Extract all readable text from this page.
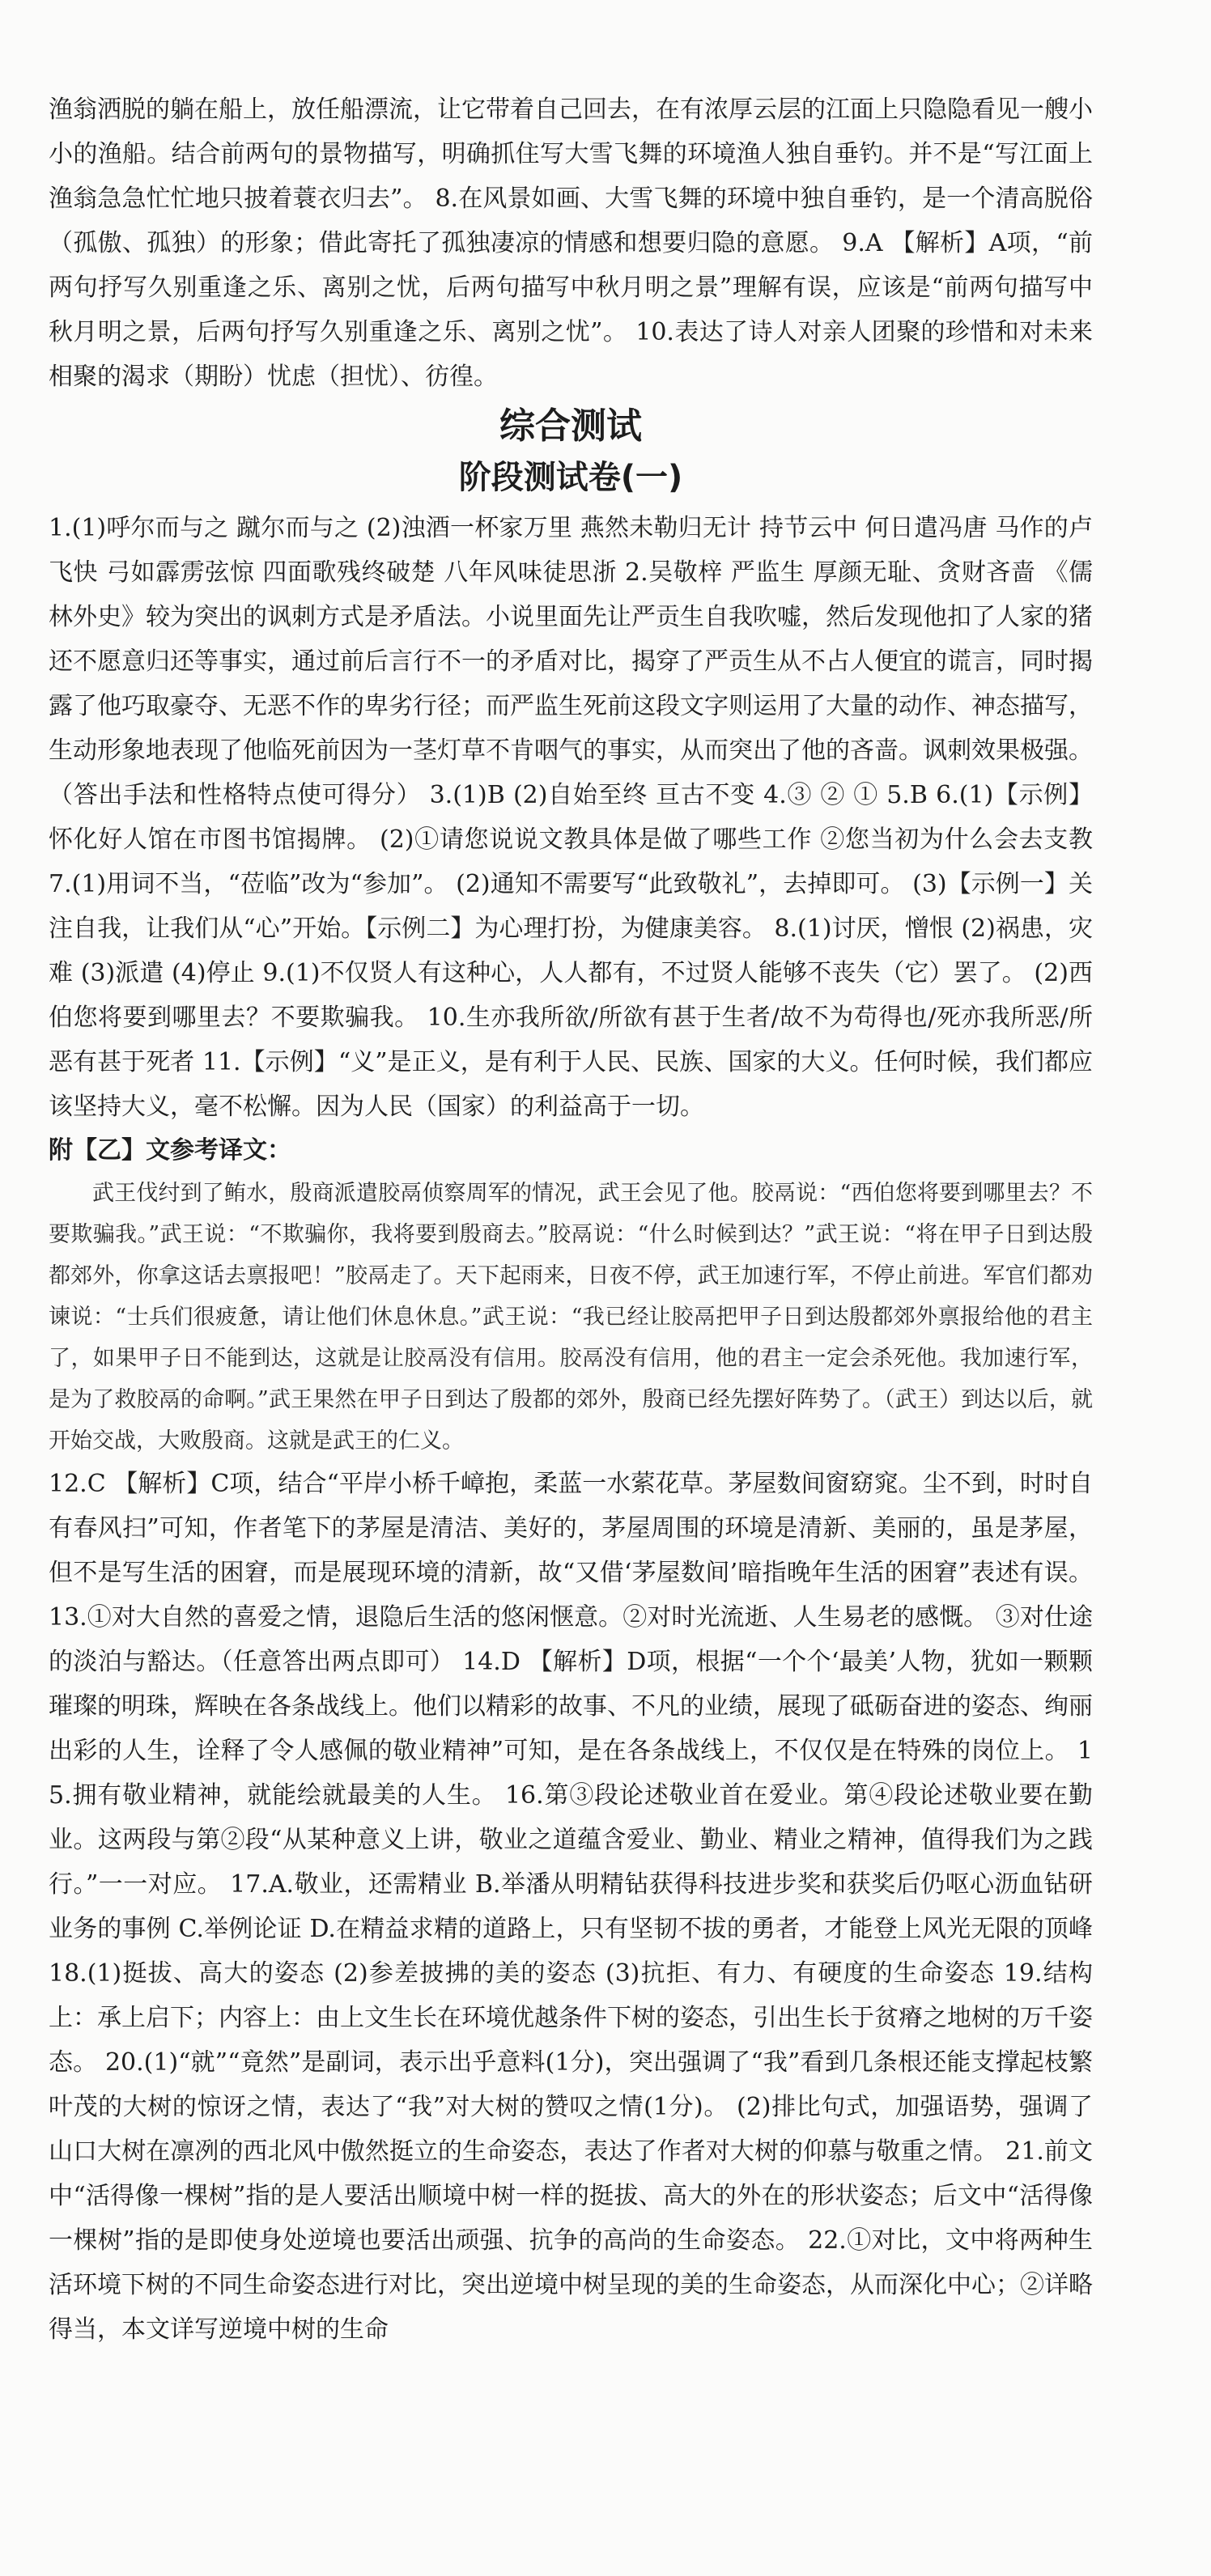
渔翁洒脱的躺在船上，放任船漂流，让它带着自己回去，在有浓厚云层的江面上只隐隐看见一艘小小的渔船。结合前两句的景物描写，明确抓住写大雪飞舞的环境渔人独自垂钓。并不是“写江面上渔翁急急忙忙地只披着蓑衣归去”。 8.在风景如画、大雪飞舞的环境中独自垂钓，是一个清高脱俗（孤傲、孤独）的形象；借此寄托了孤独凄凉的情感和想要归隐的意愿。 9.A 【解析】A项，“前两句抒写久别重逢之乐、离别之忧，后两句描写中秋月明之景”理解有误，应该是“前两句描写中秋月明之景，后两句抒写久别重逢之乐、离别之忧”。 10.表达了诗人对亲人团聚的珍惜和对未来相聚的渴求（期盼）忧虑（担忧）、彷徨。

综合测试
阶段测试卷(一)

1.(1)呼尔而与之 蹴尔而与之 (2)浊酒一杯家万里 燕然未勒归无计 持节云中 何日遣冯唐 马作的卢飞快 弓如霹雳弦惊 四面歌残终破楚 八年风味徒思浙 2.吴敬梓 严监生 厚颜无耻、贪财吝啬 《儒林外史》较为突出的讽刺方式是矛盾法。小说里面先让严贡生自我吹嘘，然后发现他扣了人家的猪还不愿意归还等事实，通过前后言行不一的矛盾对比，揭穿了严贡生从不占人便宜的谎言，同时揭露了他巧取豪夺、无恶不作的卑劣行径；而严监生死前这段文字则运用了大量的动作、神态描写，生动形象地表现了他临死前因为一茎灯草不肯咽气的事实，从而突出了他的吝啬。讽刺效果极强。（答出手法和性格特点使可得分） 3.(1)B (2)自始至终 亘古不变 4.③ ② ① 5.B 6.(1)【示例】怀化好人馆在市图书馆揭牌。 (2)①请您说说文教具体是做了哪些工作 ②您当初为什么会去支教 7.(1)用词不当，“莅临”改为“参加”。 (2)通知不需要写“此致敬礼”，去掉即可。 (3)【示例一】关注自我，让我们从“心”开始。【示例二】为心理打扮，为健康美容。 8.(1)讨厌，憎恨 (2)祸患，灾难 (3)派遣 (4)停止 9.(1)不仅贤人有这种心，人人都有，不过贤人能够不丧失（它）罢了。 (2)西伯您将要到哪里去？不要欺骗我。 10.生亦我所欲/所欲有甚于生者/故不为苟得也/死亦我所恶/所恶有甚于死者 11.【示例】“义”是正义，是有利于人民、民族、国家的大义。任何时候，我们都应该坚持大义，毫不松懈。因为人民（国家）的利益高于一切。

附【乙】文参考译文：

武王伐纣到了鲔水，殷商派遣胶鬲侦察周军的情况，武王会见了他。胶鬲说：“西伯您将要到哪里去？不要欺骗我。”武王说：“不欺骗你，我将要到殷商去。”胶鬲说：“什么时候到达？”武王说：“将在甲子日到达殷都郊外，你拿这话去禀报吧！”胶鬲走了。天下起雨来，日夜不停，武王加速行军，不停止前进。军官们都劝谏说：“士兵们很疲惫，请让他们休息休息。”武王说：“我已经让胶鬲把甲子日到达殷都郊外禀报给他的君主了，如果甲子日不能到达，这就是让胶鬲没有信用。胶鬲没有信用，他的君主一定会杀死他。我加速行军，是为了救胶鬲的命啊。”武王果然在甲子日到达了殷都的郊外，殷商已经先摆好阵势了。（武王）到达以后，就开始交战，大败殷商。这就是武王的仁义。

12.C 【解析】C项，结合“平岸小桥千嶂抱，柔蓝一水萦花草。茅屋数间窗窈窕。尘不到，时时自有春风扫”可知，作者笔下的茅屋是清洁、美好的，茅屋周围的环境是清新、美丽的，虽是茅屋，但不是写生活的困窘，而是展现环境的清新，故“又借‘茅屋数间’暗指晚年生活的困窘”表述有误。 13.①对大自然的喜爱之情，退隐后生活的悠闲惬意。②对时光流逝、人生易老的感慨。 ③对仕途的淡泊与豁达。（任意答出两点即可） 14.D 【解析】D项，根据“一个个‘最美’人物，犹如一颗颗璀璨的明珠，辉映在各条战线上。他们以精彩的故事、不凡的业绩，展现了砥砺奋进的姿态、绚丽出彩的人生，诠释了令人感佩的敬业精神”可知，是在各条战线上，不仅仅是在特殊的岗位上。 15.拥有敬业精神，就能绘就最美的人生。 16.第③段论述敬业首在爱业。第④段论述敬业要在勤业。这两段与第②段“从某种意义上讲，敬业之道蕴含爱业、勤业、精业之精神，值得我们为之践行。”一一对应。 17.A.敬业，还需精业 B.举潘从明精钻获得科技进步奖和获奖后仍呕心沥血钻研业务的事例 C.举例论证 D.在精益求精的道路上，只有坚韧不拔的勇者，才能登上风光无限的顶峰 18.(1)挺拔、高大的姿态 (2)参差披拂的美的姿态 (3)抗拒、有力、有硬度的生命姿态 19.结构上：承上启下；内容上：由上文生长在环境优越条件下树的姿态，引出生长于贫瘠之地树的万千姿态。 20.(1)“就”“竟然”是副词，表示出乎意料(1分)，突出强调了“我”看到几条根还能支撑起枝繁叶茂的大树的惊讶之情，表达了“我”对大树的赞叹之情(1分)。 (2)排比句式，加强语势，强调了山口大树在凛冽的西北风中傲然挺立的生命姿态，表达了作者对大树的仰慕与敬重之情。 21.前文中“活得像一棵树”指的是人要活出顺境中树一样的挺拔、高大的外在的形状姿态；后文中“活得像一棵树”指的是即使身处逆境也要活出顽强、抗争的高尚的生命姿态。 22.①对比，文中将两种生活环境下树的不同生命姿态进行对比，突出逆境中树呈现的美的生命姿态，从而深化中心；②详略得当，本文详写逆境中树的生命
